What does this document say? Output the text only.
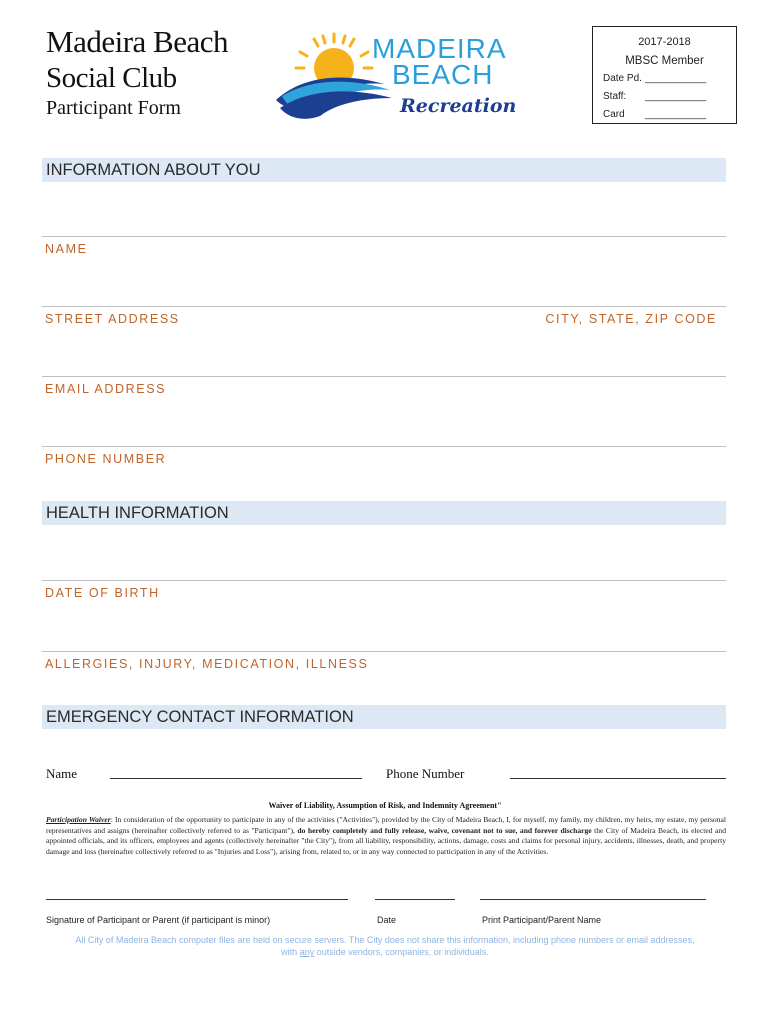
Madeira Beach
Social Club
Participant Form
MADEIRA
BEACH
Recreation
2017-2018
MBSC Member
Date Pd. ___________
Staff: ___________
Card ___________
INFORMATION ABOUT YOU
NAME
STREET ADDRESS	CITY, STATE, ZIP CODE
EMAIL ADDRESS
PHONE NUMBER
HEALTH INFORMATION
DATE OF BIRTH
ALLERGIES, INJURY, MEDICATION, ILLNESS
EMERGENCY CONTACT INFORMATION
Name	Phone Number
Waiver of Liability, Assumption of Risk, and Indemnity Agreement"
Participation Waiver: In consideration of the opportunity to participate in any of the activities ("Activities"), provided by the City of Madeira Beach, I, for myself, my family, my children, my heirs, my estate, my personal representatives and assigns (hereinafter collectively referred to as "Participant"), do hereby completely and fully release, waive, covenant not to sue, and forever discharge the City of Madeira Beach, its elected and appointed officials, and its officers, employees and agents (collectively hereinafter "the City"), from all liability, responsibility, actions, damage, costs and claims for personal injury, accidents, illnesses, death, and property damage and loss (hereinafter collectively referred to as "Injuries and Loss"), arising from, related to, or in any way connected to participation in any of the Activities.
Signature of Participant or Parent (if participant is minor)	Date	Print Participant/Parent Name
All City of Madeira Beach computer files are held on secure servers. The City does not share this information, including phone numbers or email addresses,
with any outside vendors, companies, or individuals.
